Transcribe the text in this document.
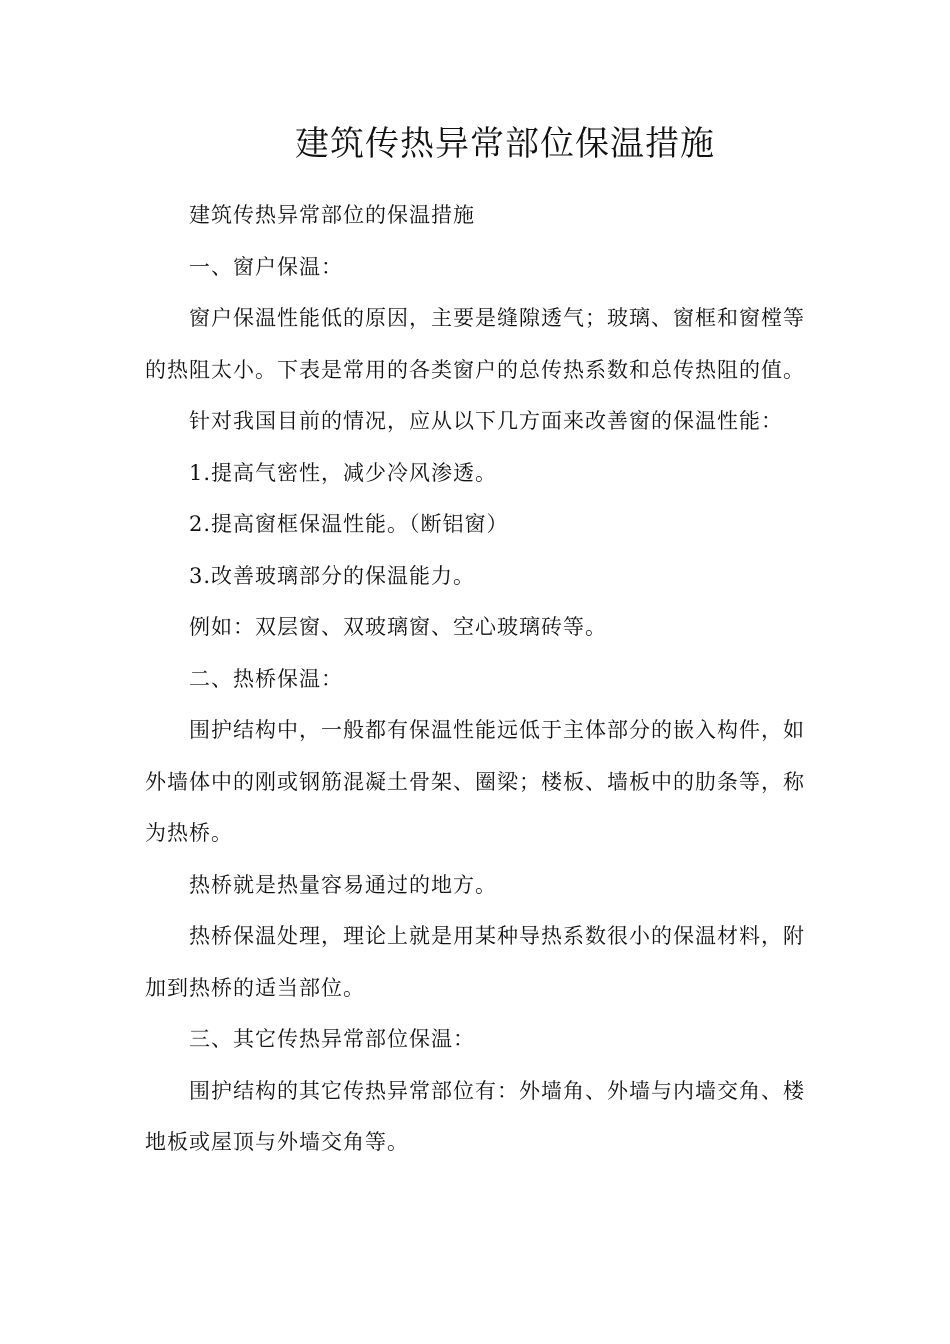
建筑传热异常部位保温措施

建筑传热异常部位的保温措施

一、窗户保温：

窗户保温性能低的原因，主要是缝隙透气；玻璃、窗框和窗樘等的热阻太小。下表是常用的各类窗户的总传热系数和总传热阻的值。

针对我国目前的情况，应从以下几方面来改善窗的保温性能：

1.提高气密性，减少冷风渗透。

2.提高窗框保温性能。（断铝窗）

3.改善玻璃部分的保温能力。

例如：双层窗、双玻璃窗、空心玻璃砖等。

二、热桥保温：

围护结构中，一般都有保温性能远低于主体部分的嵌入构件，如外墙体中的刚或钢筋混凝土骨架、圈梁；楼板、墙板中的肋条等，称为热桥。

热桥就是热量容易通过的地方。

热桥保温处理，理论上就是用某种导热系数很小的保温材料，附加到热桥的适当部位。

三、其它传热异常部位保温：

围护结构的其它传热异常部位有：外墙角、外墙与内墙交角、楼地板或屋顶与外墙交角等。
